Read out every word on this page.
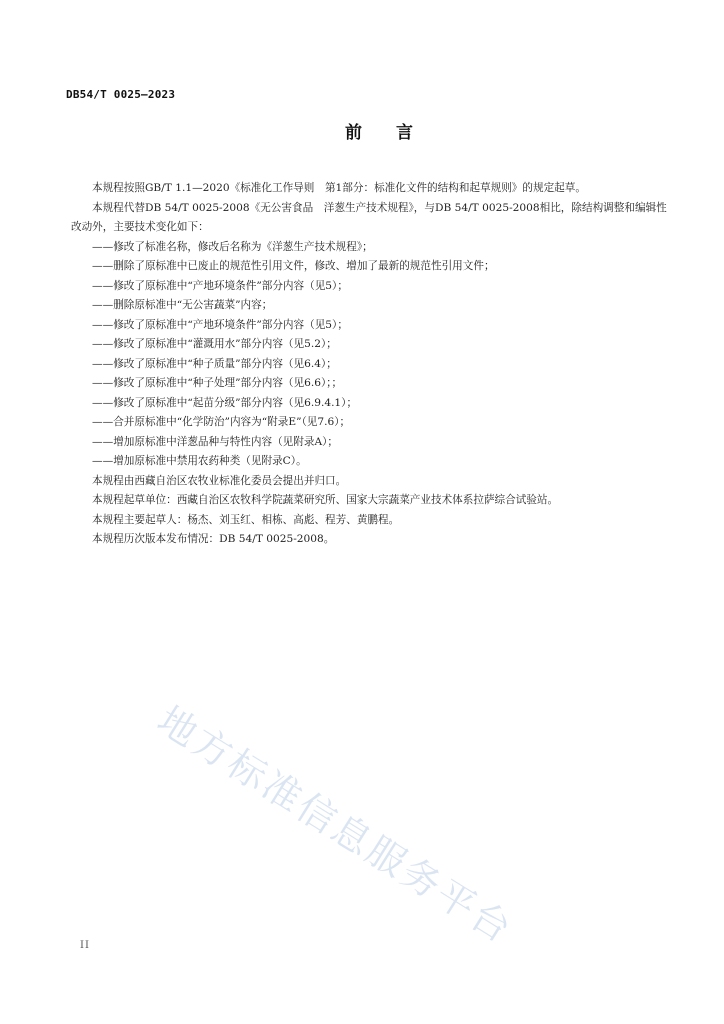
DB54/T 0025—2023
前言

本规程按照GB/T 1.1—2020《标准化工作导则　第1部分：标准化文件的结构和起草规则》的规定起草。

本规程代替DB 54/T 0025-2008《无公害食品　洋葱生产技术规程》，与DB 54/T 0025-2008相比，除结构调整和编辑性改动外，主要技术变化如下：

——修改了标准名称，修改后名称为《洋葱生产技术规程》；

——删除了原标准中已废止的规范性引用文件，修改、增加了最新的规范性引用文件；

——修改了原标准中“产地环境条件”部分内容（见5）；

——删除原标准中“无公害蔬菜”内容；

——修改了原标准中“产地环境条件”部分内容（见5）；

——修改了原标准中“灌溉用水”部分内容（见5.2）；

——修改了原标准中“种子质量”部分内容（见6.4）；

——修改了原标准中“种子处理”部分内容（见6.6）；；

——修改了原标准中“起苗分级”部分内容（见6.9.4.1）；

——合并原标准中“化学防治”内容为“附录E”（见7.6）；

——增加原标准中洋葱品种与特性内容（见附录A）；

——增加原标准中禁用农药种类（见附录C）。

本规程由西藏自治区农牧业标准化委员会提出并归口。

本规程起草单位：西藏自治区农牧科学院蔬菜研究所、国家大宗蔬菜产业技术体系拉萨综合试验站。

本规程主要起草人：杨杰、刘玉红、相栋、高彪、程芳、黄鹏程。

本规程历次版本发布情况：DB 54/T 0025-2008。

地方标准信息服务平台
II
